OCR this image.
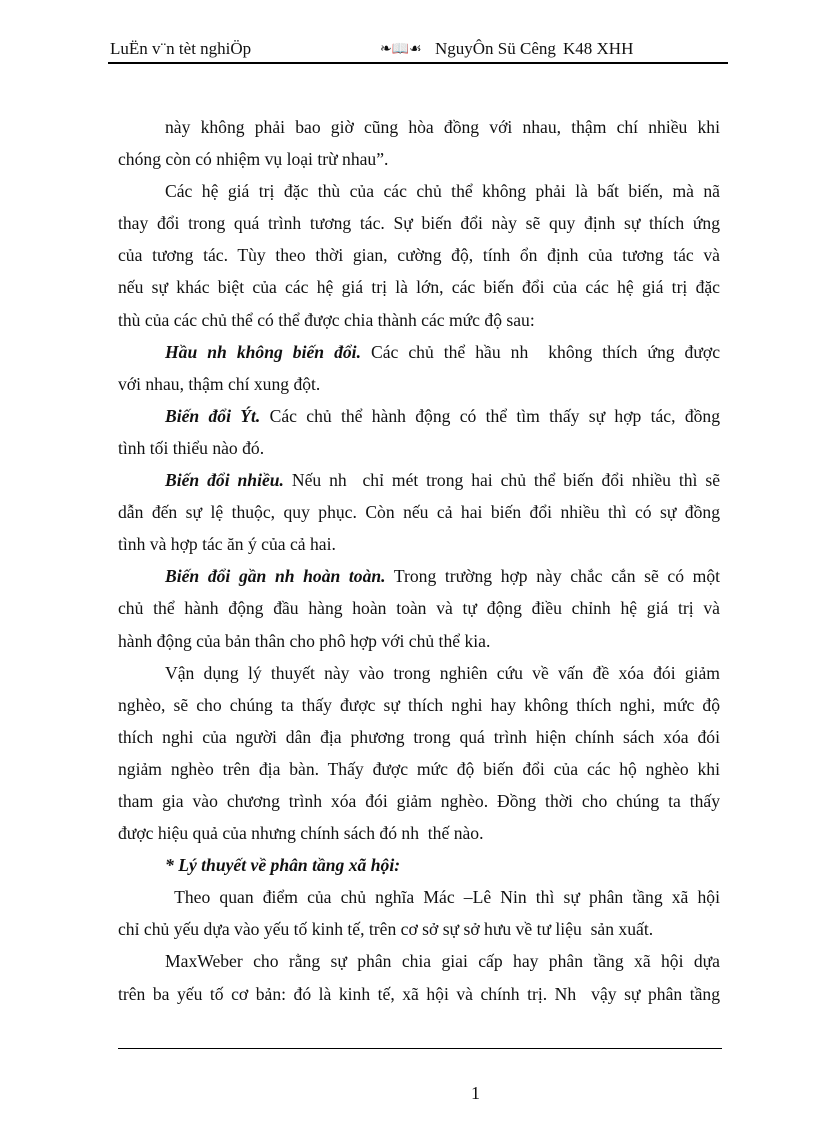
LuËn v¨n tèt nghiÖp	❧📖☙ NguyÔn Sü Cêng K48 XHH
này không phải bao giờ cũng hòa đồng với nhau, thậm chí nhiều khi
chóng còn có nhiệm vụ loại trừ nhau”.
Các hệ giá trị đặc thù của các chủ thể không phải là bất biến, mà nã
thay đổi trong quá trình tương tác. Sự biến đổi này sẽ quy định sự thích ứng
của tương tác. Tùy theo thời gian, cường độ, tính ổn định của tương tác và
nếu sự khác biệt của các hệ giá trị là lớn, các biến đổi của các hệ giá trị đặc
thù của các chủ thể có thể được chia thành các mức độ sau:
Hầu nh không biến đổi. Các chủ thể hầu nh  không thích ứng được
với nhau, thậm chí xung đột.
Biến đổi Ýt. Các chủ thể hành động có thể tìm thấy sự hợp tác, đồng
tình tối thiểu nào đó.
Biến đổi nhiều. Nếu nh  chỉ mét trong hai chủ thể biến đổi nhiều thì sẽ
dẫn đến sự lệ thuộc, quy phục. Còn nếu cả hai biến đổi nhiều thì có sự đồng
tình và hợp tác ăn ý của cả hai.
Biến đổi gần nh hoàn toàn. Trong trường hợp này chắc cắn sẽ có một
chủ thể hành động đầu hàng hoàn toàn và tự động điều chỉnh hệ giá trị và
hành động của bản thân cho phô hợp với chủ thể kia.
Vận dụng lý thuyết này vào trong nghiên cứu về vấn đề xóa đói giảm
nghèo, sẽ cho chúng ta thấy được sự thích nghi hay không thích nghi, mức độ
thích nghi của người dân địa phương trong quá trình hiện chính sách xóa đói
ngiảm nghèo trên địa bàn. Thấy được mức độ biến đổi của các hộ nghèo khi
tham gia vào chương trình xóa đói giảm nghèo. Đồng thời cho chúng ta thấy
được hiệu quả của nhưng chính sách đó nh  thế nào.
* Lý thuyết về phân tầng xã hội:
Theo quan điểm của chủ nghĩa Mác –Lê Nin thì sự phân tầng xã hội
chỉ chủ yếu dựa vào yếu tố kinh tế, trên cơ sở sự sở hưu về tư liệu  sản xuất.
MaxWeber cho rằng sự phân chia giai cấp hay phân tầng xã hội dựa
trên ba yếu tố cơ bản: đó là kinh tế, xã hội và chính trị. Nh  vậy sự phân tầng
1
